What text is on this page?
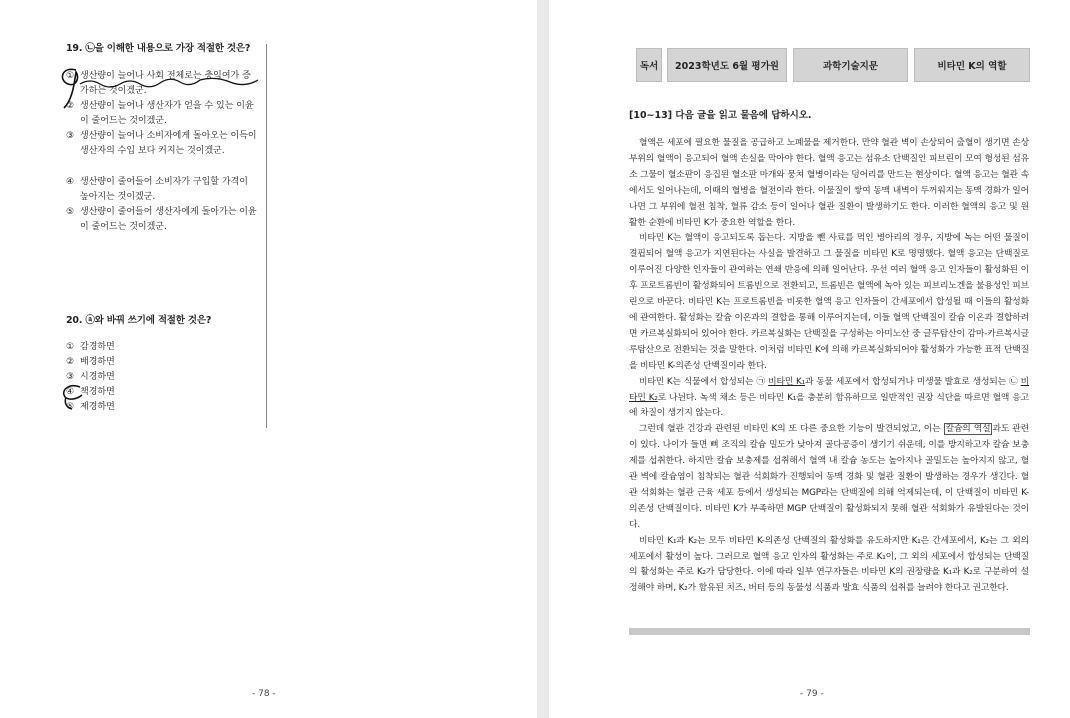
19. ㉡을 이해한 내용으로 가장 적절한 것은?
① 생산량이 늘어나 사회 전체로는 충익여가 증가하는 것이겠군.
② 생산량이 늘어나 생산자가 얻을 수 있는 이윤이 줄어드는 것이겠군.
③ 생산량이 늘어나 소비자에게 돌아오는 이득이 생산자의 수입 보다 커지는 것이겠군.
④ 생산량이 줄어들어 소비자가 구입할 가격이 높아지는 것이겠군.
⑤ 생산량이 줄어들어 생산자에게 돌아가는 이윤이 줄어드는 것이겠군.
20. ⓐ와 바꿔 쓰기에 적절한 것은?
① 감경하면
② 배경하면
③ 시경하면
④ 책경하면
⑤ 제경하면
- 78 -
독서	2023학년도 6월 평가원	과학기술지문	비타민 K의 역할
[10~13] 다음 글을 읽고 물음에 답하시오.

혈액은 세포에 필요한 물질을 공급하고 노폐물을 제거한다. 만약 혈관 벽이 손상되어 출혈이 생기면 손상 부위의 혈액이 응고되어 혈액 손실을 막아야 한다. 혈액 응고는 섬유소 단백질인 피브린이 모여 형성된 섬유소 그물이 혈소판이 응집된 혈소판 마개와 뭉쳐 혈병이라는 덩어리를 만드는 현상이다. 혈액 응고는 혈관 속에서도 일어나는데, 이때의 혈병을 혈전이라 한다. 이물질이 쌓여 동맥 내벽이 두꺼워지는 동맥 경화가 일어나면 그 부위에 혈전 침착, 혈류 감소 등이 일어나 혈관 질환이 발생하기도 한다. 이러한 혈액의 응고 및 원활한 순환에 비타민 K가 중요한 역할을 한다.

비타민 K는 혈액이 응고되도록 돕는다. 지방을 뺀 사료를 먹인 병아리의 경우, 지방에 녹는 어떤 물질이 결핍되어 혈액 응고가 지연된다는 사실을 발견하고 그 물질을 비타민 K로 명명했다. 혈액 응고는 단백질로 이루어진 다양한 인자들이 관여하는 연쇄 반응에 의해 일어난다. 우선 여러 혈액 응고 인자들이 활성화된 이후 프로트롬빈이 활성화되어 트롬빈으로 전환되고, 트롬빈은 혈액에 녹아 있는 피브리노겐을 불용성인 피브린으로 바꾼다. 비타민 K는 프로트롬빈을 비롯한 혈액 응고 인자들이 간세포에서 합성될 때 이들의 활성화에 관여한다. 활성화는 칼슘 이온과의 결합을 통해 이루어지는데, 이들 혈액 단백질이 칼슘 이온과 결합하려면 카르복실화되어 있어야 한다. 카르복실화는 단백질을 구성하는 아미노산 중 글루탐산이 감마-카르복시글루탐산으로 전환되는 것을 말한다. 이처럼 비타민 K에 의해 카르복실화되어야 활성화가 가능한 표적 단백질을 비타민 K-의존성 단백질이라 한다.

비타민 K는 식물에서 합성되는 ㉠ 비타민 K₁과 동물 세포에서 합성되거나 미생물 발효로 생성되는 ㉡ 비타민 K₂로 나뉜다. 녹색 채소 등은 비타민 K₁을 충분히 함유하므로 일반적인 권장 식단을 따르면 혈액 응고에 차질이 생기지 않는다.

그런데 혈관 건강과 관련된 비타민 K의 또 다른 중요한 기능이 발견되었고, 이는 칼슘의 역설 과도 관련이 있다. 나이가 들면 뼈 조직의 칼슘 밀도가 낮아져 골다공증이 생기기 쉬운데, 이를 방지하고자 칼슘 보충제를 섭취한다. 하지만 칼슘 보충제를 섭취해서 혈액 내 칼슘 농도는 높아지나 골밀도는 높아지지 않고, 혈관 벽에 칼슘염이 침착되는 혈관 석회화가 진행되어 동맥 경화 및 혈관 질환이 발생하는 경우가 생긴다. 혈관 석회화는 혈관 근육 세포 등에서 생성되는 MGP라는 단백질에 의해 억제되는데, 이 단백질이 비타민 K-의존성 단백질이다. 비타민 K가 부족하면 MGP 단백질이 활성화되지 못해 혈관 석회화가 유발된다는 것이다.

비타민 K₁과 K₂는 모두 비타민 K-의존성 단백질의 활성화를 유도하지만 K₁은 간세포에서, K₂는 그 외의 세포에서 활성이 높다. 그러므로 혈액 응고 인자의 활성화는 주로 K₁이, 그 외의 세포에서 합성되는 단백질의 활성화는 주로 K₂가 담당한다. 이에 따라 일부 연구자들은 비타민 K의 권장량을 K₁과 K₂로 구분하여 설정해야 하며, K₂가 함유된 치즈, 버터 등의 동물성 식품과 발효 식품의 섭취를 늘려야 한다고 권고한다.

- 79 -
